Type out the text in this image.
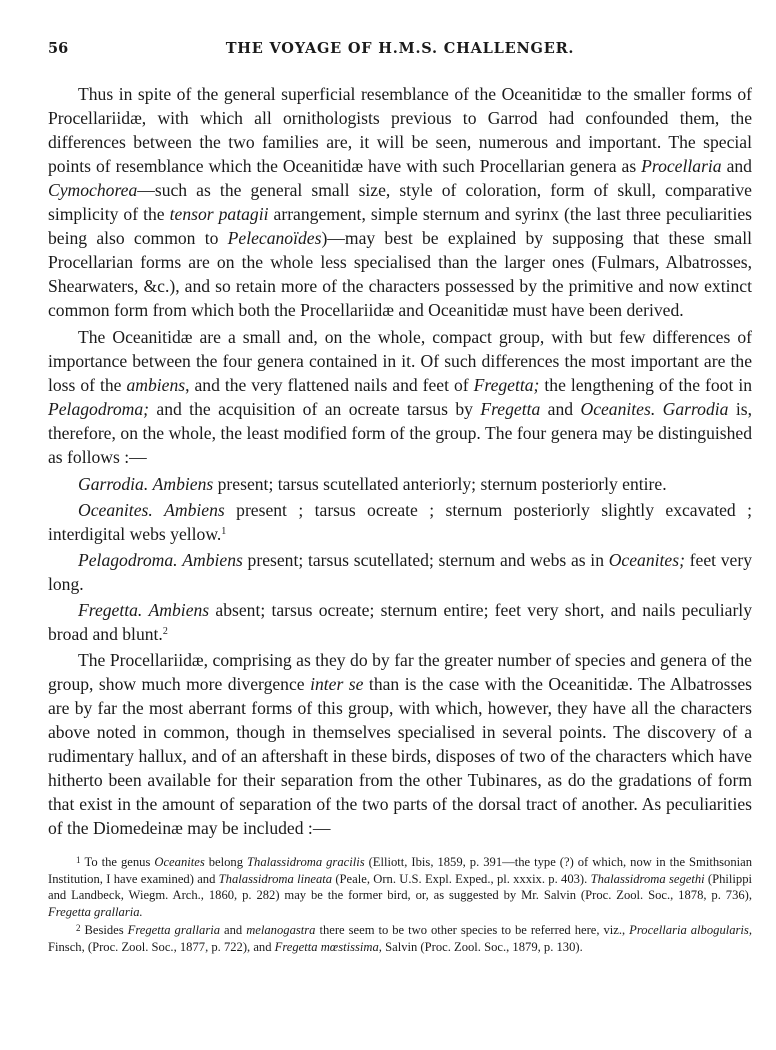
56	THE VOYAGE OF H.M.S. CHALLENGER.

Thus in spite of the general superficial resemblance of the Oceanitidæ to the smaller forms of Procellariidæ, with which all ornithologists previous to Garrod had confounded them, the differences between the two families are, it will be seen, numerous and important. The special points of resemblance which the Oceanitidæ have with such Procellarian genera as Procellaria and Cymochorea—such as the general small size, style of coloration, form of skull, comparative simplicity of the tensor patagii arrangement, simple sternum and syrinx (the last three peculiarities being also common to Pelecanoïdes)—may best be explained by supposing that these small Procellarian forms are on the whole less specialised than the larger ones (Fulmars, Albatrosses, Shearwaters, &c.), and so retain more of the characters possessed by the primitive and now extinct common form from which both the Procellariidæ and Oceanitidæ must have been derived.

The Oceanitidæ are a small and, on the whole, compact group, with but few differences of importance between the four genera contained in it. Of such differences the most important are the loss of the ambiens, and the very flattened nails and feet of Fregetta; the lengthening of the foot in Pelagodroma; and the acquisition of an ocreate tarsus by Fregetta and Oceanites. Garrodia is, therefore, on the whole, the least modified form of the group. The four genera may be distinguished as follows :—

Garrodia. Ambiens present; tarsus scutellated anteriorly; sternum posteriorly entire.

Oceanites. Ambiens present ; tarsus ocreate ; sternum posteriorly slightly excavated ; interdigital webs yellow.$^1$

Pelagodroma. Ambiens present; tarsus scutellated; sternum and webs as in Oceanites; feet very long.

Fregetta. Ambiens absent; tarsus ocreate; sternum entire; feet very short, and nails peculiarly broad and blunt.$^2$

The Procellariidæ, comprising as they do by far the greater number of species and genera of the group, show much more divergence inter se than is the case with the Oceanitidæ. The Albatrosses are by far the most aberrant forms of this group, with which, however, they have all the characters above noted in common, though in themselves specialised in several points. The discovery of a rudimentary hallux, and of an aftershaft in these birds, disposes of two of the characters which have hitherto been available for their separation from the other Tubinares, as do the gradations of form that exist in the amount of separation of the two parts of the dorsal tract of another. As peculiarities of the Diomedeinæ may be included :—

$^1$ To the genus Oceanites belong Thalassidroma gracilis (Elliott, Ibis, 1859, p. 391—the type (?) of which, now in the Smithsonian Institution, I have examined) and Thalassidroma lineata (Peale, Orn. U.S. Expl. Exped., pl. xxxix. p. 403). Thalassidroma segethi (Philippi and Landbeck, Wiegm. Arch., 1860, p. 282) may be the former bird, or, as suggested by Mr. Salvin (Proc. Zool. Soc., 1878, p. 736), Fregetta grallaria.

$^2$ Besides Fregetta grallaria and melanogastra there seem to be two other species to be referred here, viz., Procellaria albogularis, Finsch, (Proc. Zool. Soc., 1877, p. 722), and Fregetta mœstissima, Salvin (Proc. Zool. Soc., 1879, p. 130).
